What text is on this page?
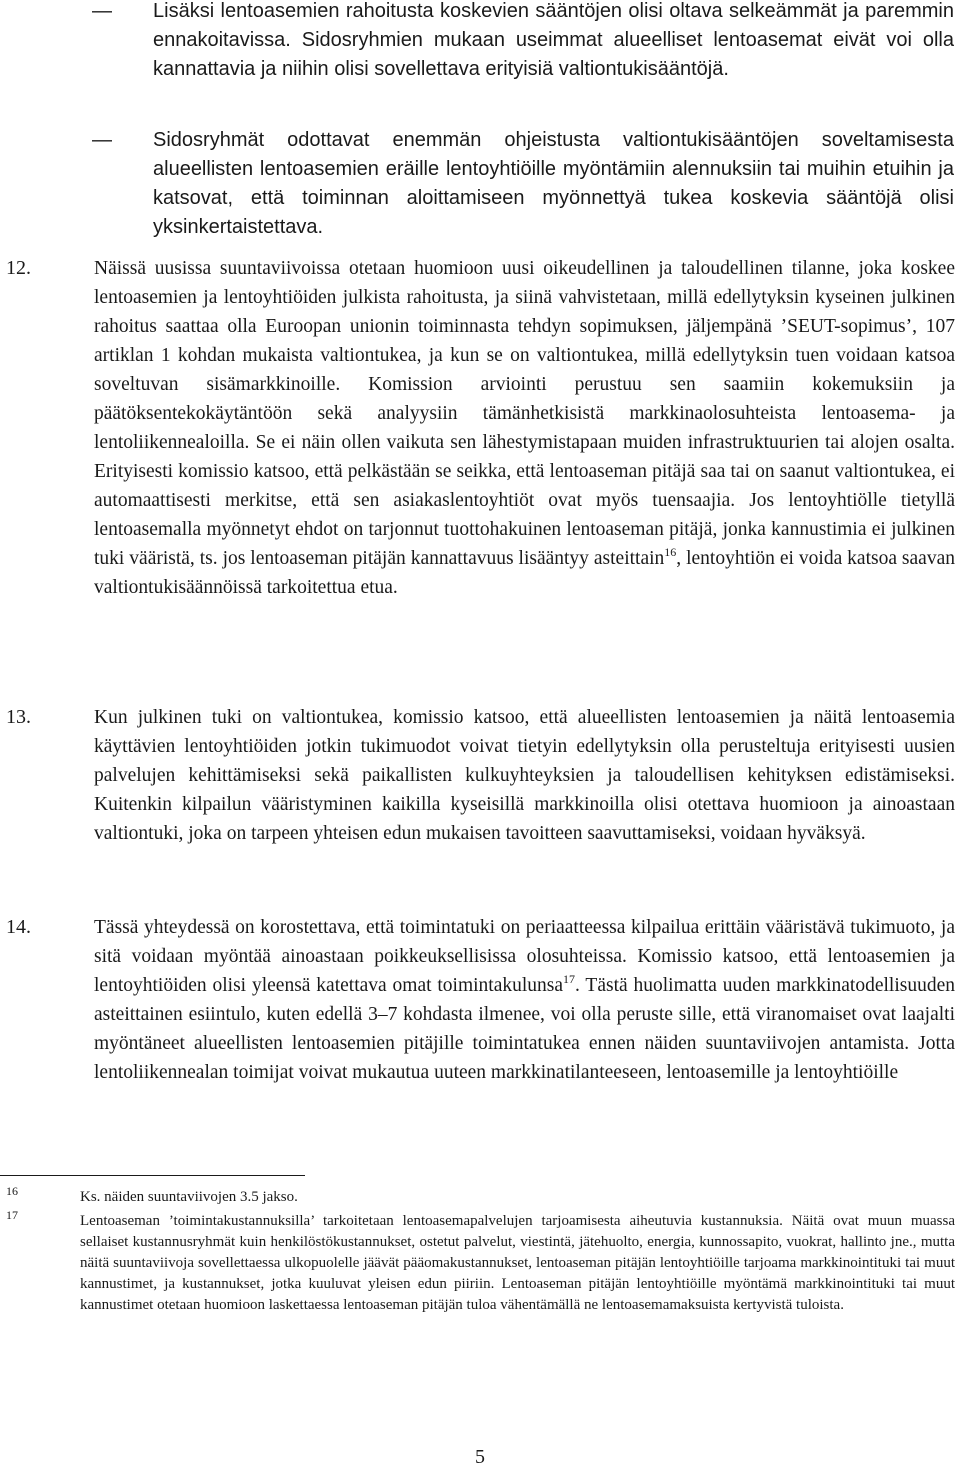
— Lisäksi lentoasemien rahoitusta koskevien sääntöjen olisi oltava selkeämmät ja paremmin ennakoitavissa. Sidosryhmien mukaan useimmat alueelliset lentoasemat eivät voi olla kannattavia ja niihin olisi sovellettava erityisiä valtiontukisääntöjä.
— Sidosryhmät odottavat enemmän ohjeistusta valtiontukisääntöjen soveltamisesta alueellisten lentoasemien eräille lentoyhtiöille myöntämiin alennuksiin tai muihin etuihin ja katsovat, että toiminnan aloittamiseen myönnettyä tukea koskevia sääntöjä olisi yksinkertaistettava.
12.	Näissä uusissa suuntaviivoissa otetaan huomioon uusi oikeudellinen ja taloudellinen tilanne, joka koskee lentoasemien ja lentoyhtiöiden julkista rahoitusta, ja siinä vahvistetaan, millä edellytyksin kyseinen julkinen rahoitus saattaa olla Euroopan unionin toiminnasta tehdyn sopimuksen, jäljempänä ’SEUT-sopimus’, 107 artiklan 1 kohdan mukaista valtiontukea, ja kun se on valtiontukea, millä edellytyksin tuen voidaan katsoa soveltuvan sisämarkkinoille. Komission arviointi perustuu sen saamiin kokemuksiin ja päätöksentekokäytäntöön sekä analyysiin tämänhetkisistä markkinaolosuhteista lentoasema- ja lentoliikennealoilla. Se ei näin ollen vaikuta sen lähestymistapaan muiden infrastruktuurien tai alojen osalta. Erityisesti komissio katsoo, että pelkästään se seikka, että lentoaseman pitäjä saa tai on saanut valtiontukea, ei automaattisesti merkitse, että sen asiakaslentoyhtiöt ovat myös tuensaajia. Jos lentoyhtiölle tietyllä lentoasemalla myönnetyt ehdot on tarjonnut tuottohakuinen lentoaseman pitäjä, jonka kannustimia ei julkinen tuki vääristä, ts. jos lentoaseman pitäjän kannattavuus lisääntyy asteittain$^{16}$, lentoyhtiön ei voida katsoa saavan valtiontukisäännöissä tarkoitettua etua.
13.	Kun julkinen tuki on valtiontukea, komissio katsoo, että alueellisten lentoasemien ja näitä lentoasemia käyttävien lentoyhtiöiden jotkin tukimuodot voivat tietyin edellytyksin olla perusteltuja erityisesti uusien palvelujen kehittämiseksi sekä paikallisten kulkuyhteyksien ja taloudellisen kehityksen edistämiseksi. Kuitenkin kilpailun vääristyminen kaikilla kyseisillä markkinoilla olisi otettava huomioon ja ainoastaan valtiontuki, joka on tarpeen yhteisen edun mukaisen tavoitteen saavuttamiseksi, voidaan hyväksyä.
14.	Tässä yhteydessä on korostettava, että toimintatuki on periaatteessa kilpailua erittäin vääristävä tukimuoto, ja sitä voidaan myöntää ainoastaan poikkeuksellisissa olosuhteissa. Komissio katsoo, että lentoasemien ja lentoyhtiöiden olisi yleensä katettava omat toimintakulunsa$^{17}$. Tästä huolimatta uuden markkinatodellisuuden asteittainen esiintulo, kuten edellä 3–7 kohdasta ilmenee, voi olla peruste sille, että viranomaiset ovat laajalti myöntäneet alueellisten lentoasemien pitäjille toimintatukea ennen näiden suuntaviivojen antamista. Jotta lentoliikennealan toimijat voivat mukautua uuteen markkinatilanteeseen, lentoasemille ja lentoyhtiöille
16	Ks. näiden suuntaviivojen 3.5 jakso.
17	Lentoaseman ’toimintakustannuksilla’ tarkoitetaan lentoasemapalvelujen tarjoamisesta aiheutuvia kustannuksia. Näitä ovat muun muassa sellaiset kustannusryhmät kuin henkilöstökustannukset, ostetut palvelut, viestintä, jätehuolto, energia, kunnossapito, vuokrat, hallinto jne., mutta näitä suuntaviivoja sovellettaessa ulkopuolelle jäävät pääomakustannukset, lentoaseman pitäjän lentoyhtiöille tarjoama markkinointituki tai muut kannustimet, ja kustannukset, jotka kuuluvat yleisen edun piiriin. Lentoaseman pitäjän lentoyhtiöille myöntämä markkinointituki tai muut kannustimet otetaan huomioon laskettaessa lentoaseman pitäjän tuloa vähentämällä ne lentoasemamaksuista kertyvistä tuloista.
5
